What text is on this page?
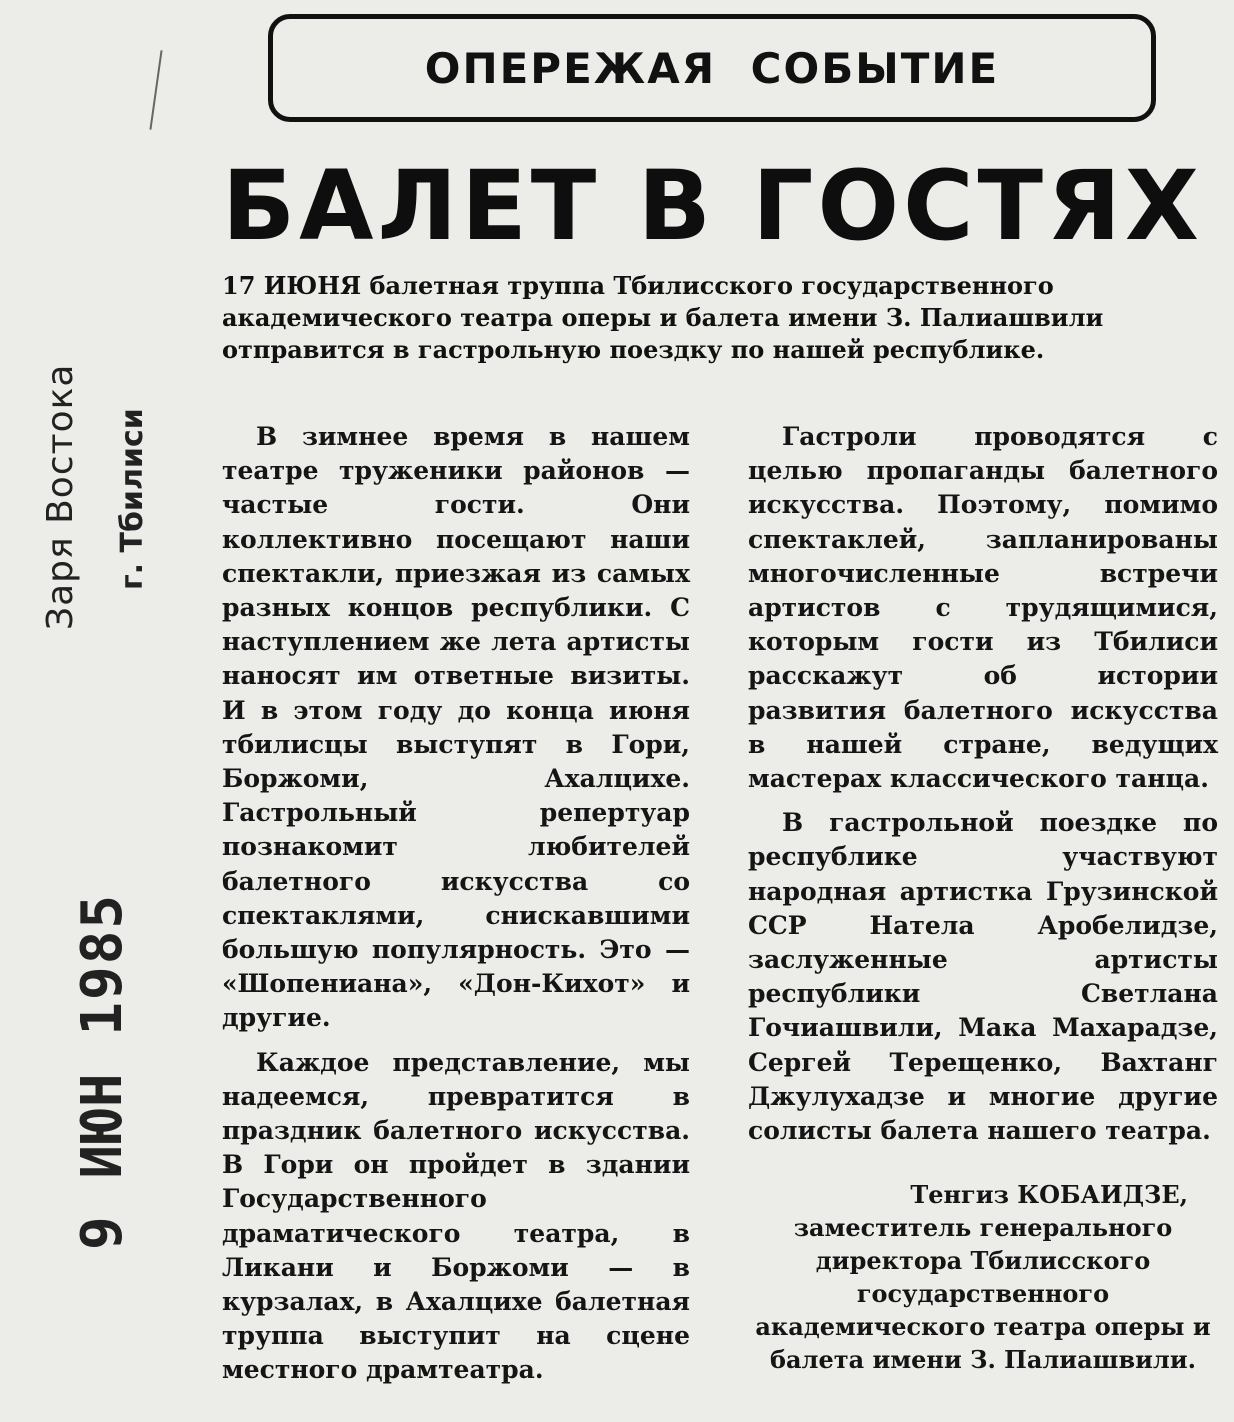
Заря Востока г. Тбилиси
9 ИЮН 1985
ОПЕРЕЖАЯ СОБЫТИЕ
БАЛЕТ В ГОСТЯХ
17 ИЮНЯ балетная труппа Тбилисского государственного академического театра оперы и балета имени З. Палиашвили отправится в гастрольную поездку по нашей республике.

В зимнее время в нашем театре труженики районов — частые гости. Они коллективно посещают наши спектакли, приезжая из самых разных концов республики. С наступлением же лета артисты наносят им ответные визиты. И в этом году до конца июня тбилисцы выступят в Гори, Боржоми, Ахалцихе. Гастрольный репертуар познакомит любителей балетного искусства со спектаклями, снискавшими большую популярность. Это — «Шопениана», «Дон-Кихот» и другие.

Каждое представление, мы надеемся, превратится в праздник балетного искусства. В Гори он пройдет в здании Государственного драматического театра, в Ликани и Боржоми — в курзалах, в Ахалцихе балетная труппа выступит на сцене местного драмтеатра.

Гастроли проводятся с целью пропаганды балетного искусства. Поэтому, помимо спектаклей, запланированы многочисленные встречи артистов с трудящимися, которым гости из Тбилиси расскажут об истории развития балетного искусства в нашей стране, ведущих мастерах классического танца.

В гастрольной поездке по республике участвуют народная артистка Грузинской ССР Натела Аробелидзе, заслуженные артисты республики Светлана Гочиашвили, Мака Махарадзе, Сергей Терещенко, Вахтанг Джулухадзе и многие другие солисты балета нашего театра.

Тенгиз КОБАИДЗЕ,
заместитель генерального директора Тбилисского государственного академического театра оперы и балета имени З. Палиашвили.
